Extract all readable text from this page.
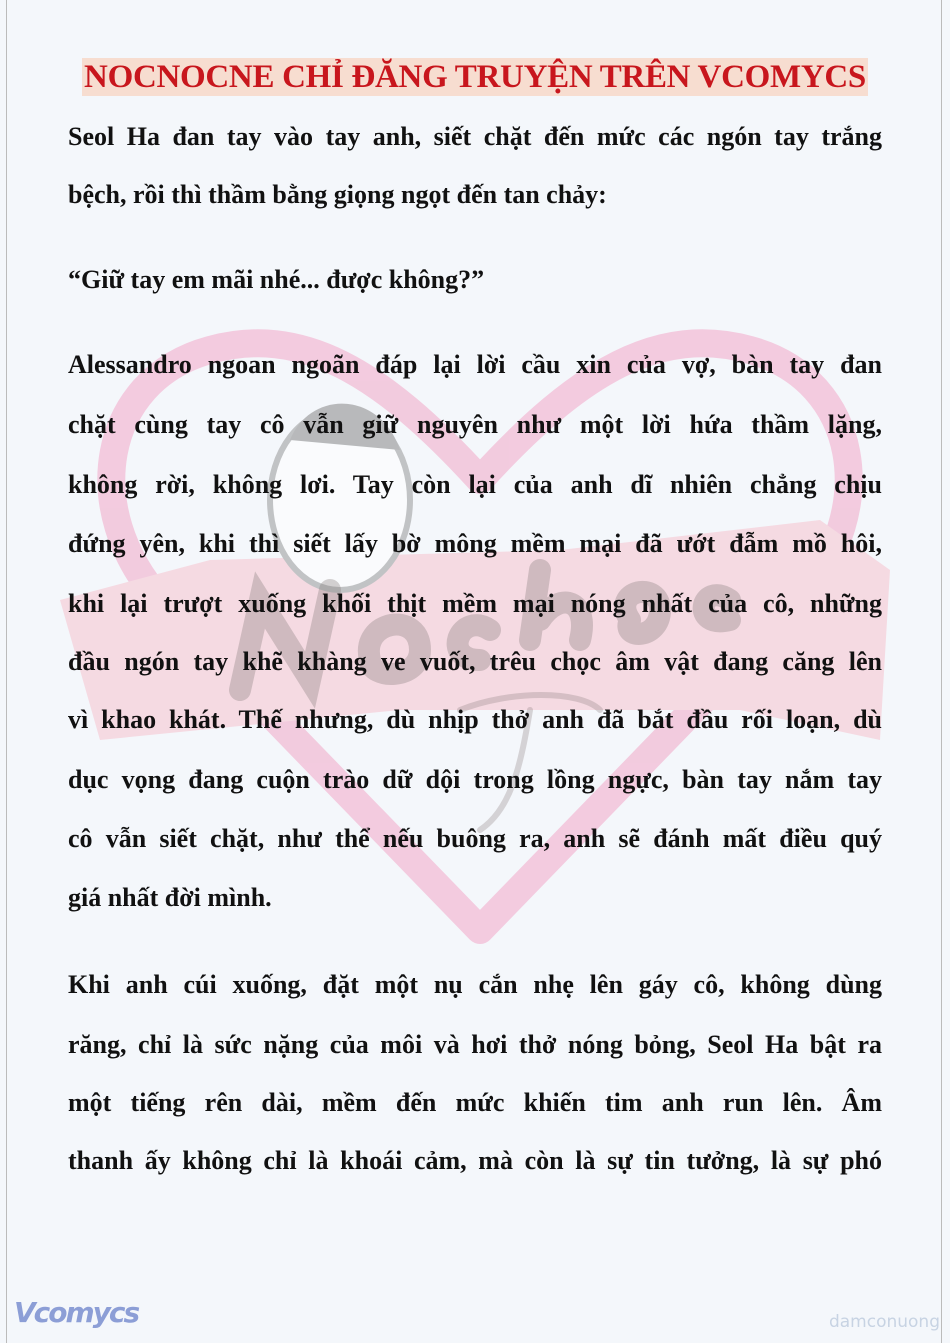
NOCNOCNE CHỈ ĐĂNG TRUYỆN TRÊN VCOMYCS
Seol Ha đan tay vào tay anh, siết chặt đến mức các ngón tay trắng
bệch, rồi thì thầm bằng giọng ngọt đến tan chảy:
“Giữ tay em mãi nhé... được không?”
Alessandro ngoan ngoãn đáp lại lời cầu xin của vợ, bàn tay đan
chặt cùng tay cô vẫn giữ nguyên như một lời hứa thầm lặng,
không rời, không lơi. Tay còn lại của anh dĩ nhiên chẳng chịu
đứng yên, khi thì siết lấy bờ mông mềm mại đã ướt đẫm mồ hôi,
khi lại trượt xuống khối thịt mềm mại nóng nhất của cô, những
đầu ngón tay khẽ khàng ve vuốt, trêu chọc âm vật đang căng lên
vì khao khát. Thế nhưng, dù nhịp thở anh đã bắt đầu rối loạn, dù
dục vọng đang cuộn trào dữ dội trong lồng ngực, bàn tay nắm tay
cô vẫn siết chặt, như thể nếu buông ra, anh sẽ đánh mất điều quý
giá nhất đời mình.
Khi anh cúi xuống, đặt một nụ cắn nhẹ lên gáy cô, không dùng
răng, chỉ là sức nặng của môi và hơi thở nóng bỏng, Seol Ha bật ra
một tiếng rên dài, mềm đến mức khiến tim anh run lên. Âm
thanh ấy không chỉ là khoái cảm, mà còn là sự tin tưởng, là sự phó
Vcomycs	damconuong
